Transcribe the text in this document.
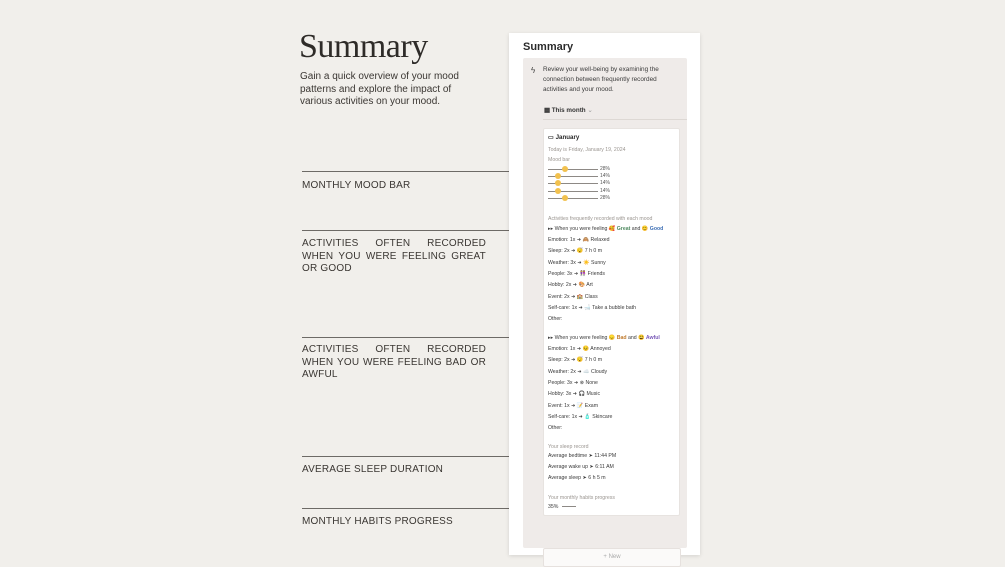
Summary
Gain a quick overview of your mood patterns and explore the impact of various activities on your mood.
MONTHLY MOOD BAR
ACTIVITIES OFTEN RECORDED WHEN YOU WERE FEELING GREAT OR GOOD
ACTIVITIES OFTEN RECORDED WHEN YOU WERE FEELING BAD OR AWFUL
AVERAGE SLEEP DURATION
MONTHLY HABITS PROGRESS
Summary
ϟ Review your well-being by examining the connection between frequently recorded activities and your mood.
▦ This month ⌄
▭ January
Today is Friday, January 19, 2024
Mood bar
28%
14%
14%
14%
28%
Activities frequently recorded with each mood
▸▸ When you were feeling 🥰 Great and 😊 Good
Emotion: 1x ➜ 🙈 Relaxed
Sleep: 2x ➜ 😴 7 h 0 m
Weather: 3x ➜ ☀️ Sunny
People: 3x ➜ 👭 Friends
Hobby: 2x ➜ 🎨 Art
Event: 2x ➜ 🏫 Class
Self-care: 1x ➜ 🛁 Take a bubble bath
Other:
▸▸ When you were feeling 😞 Bad and 😫 Awful
Emotion: 1x ➜ 😣 Annoyed
Sleep: 2x ➜ 😴 7 h 0 m
Weather: 2x ➜ ☁️ Cloudy
People: 3x ➜ ⊗ None
Hobby: 3x ➜ 🎧 Music
Event: 1x ➜ 📝 Exam
Self-care: 1x ➜ 🧴 Skincare
Other:
Your sleep record
Average bedtime ➤ 11:44 PM
Average wake up ➤ 6:11 AM
Average sleep ➤ 6 h 5 m
Your monthly habits progress
35%
+ New
